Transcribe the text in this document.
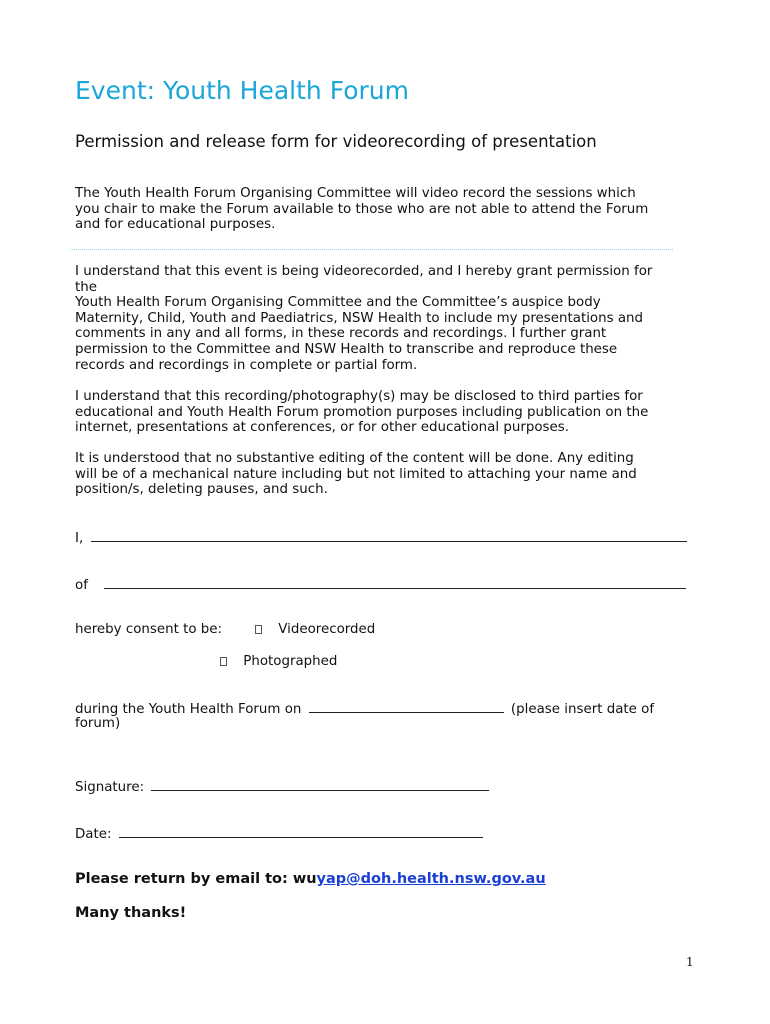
Event: Youth Health Forum
Permission and release form for videorecording of presentation

The Youth Health Forum Organising Committee will video record the sessions which
you chair to make the Forum available to those who are not able to attend the Forum
and for educational purposes.

I understand that this event is being videorecorded, and I hereby grant permission for
the
Youth Health Forum Organising Committee and the Committee’s auspice body
Maternity, Child, Youth and Paediatrics, NSW Health to include my presentations and
comments in any and all forms, in these records and recordings. I further grant
permission to the Committee and NSW Health to transcribe and reproduce these
records and recordings in complete or partial form.

I understand that this recording/photography(s) may be disclosed to third parties for
educational and Youth Health Forum promotion purposes including publication on the
internet, presentations at conferences, or for other educational purposes.

It is understood that no substantive editing of the content will be done. Any editing
will be of a mechanical nature including but not limited to attaching your name and
position/s, deleting pauses, and such.

I,
of
hereby consent to be:	Videorecorded
Photographed
during the Youth Health Forum on	(please insert date of
forum)
Signature:
Date:

Please return by email to: wuyap@doh.health.nsw.gov.au

Many thanks!

1
